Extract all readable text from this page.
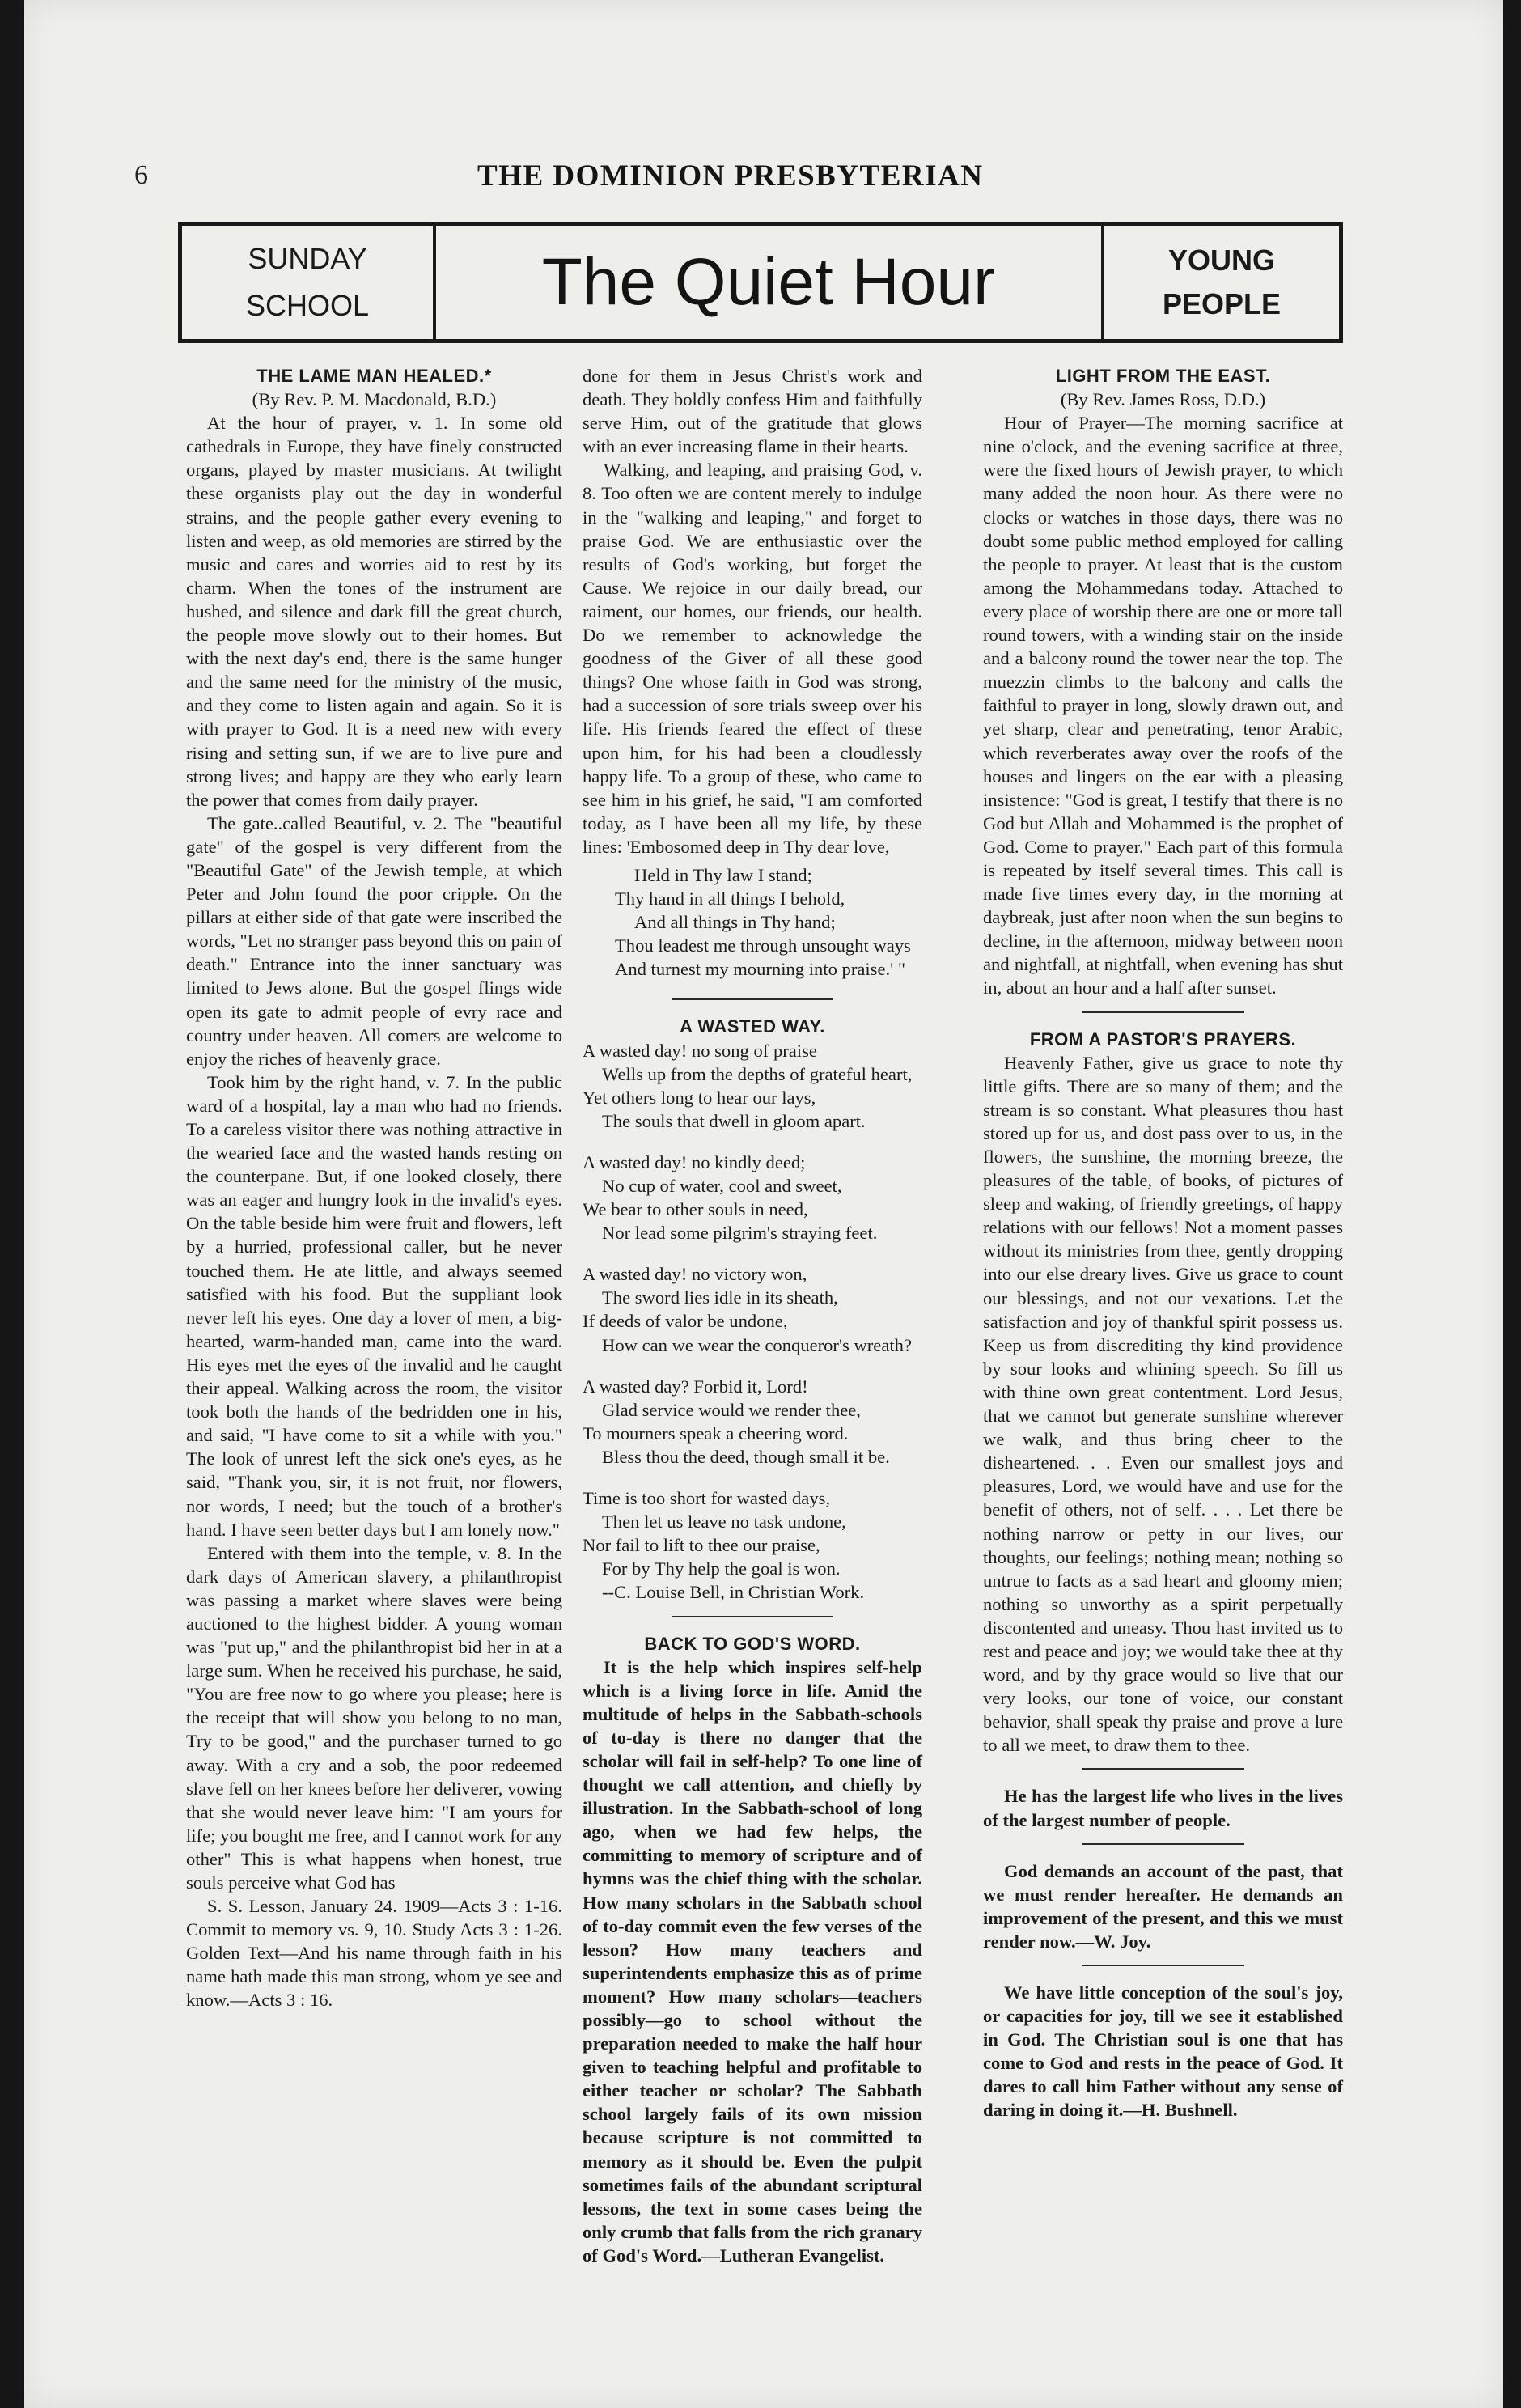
6	THE DOMINION PRESBYTERIAN
SUNDAY
SCHOOL	The Quiet Hour	YOUNG
PEOPLE

THE LAME MAN HEALED.*

(By Rev. P. M. Macdonald, B.D.)

At the hour of prayer, v. 1. In some old cathedrals in Europe, they have finely constructed organs, played by master musicians. At twilight these organists play out the day in wonderful strains, and the people gather every evening to listen and weep, as old memories are stirred by the music and cares and worries aid to rest by its charm. When the tones of the instrument are hushed, and silence and dark fill the great church, the people move slowly out to their homes. But with the next day's end, there is the same hunger and the same need for the ministry of the music, and they come to listen again and again. So it is with prayer to God. It is a need new with every rising and setting sun, if we are to live pure and strong lives; and happy are they who early learn the power that comes from daily prayer.

The gate..called Beautiful, v. 2. The "beautiful gate" of the gospel is very different from the "Beautiful Gate" of the Jewish temple, at which Peter and John found the poor cripple. On the pillars at either side of that gate were inscribed the words, "Let no stranger pass beyond this on pain of death." Entrance into the inner sanctuary was limited to Jews alone. But the gospel flings wide open its gate to admit people of evry race and country under heaven. All comers are welcome to enjoy the riches of heavenly grace.

Took him by the right hand, v. 7. In the public ward of a hospital, lay a man who had no friends. To a careless visitor there was nothing attractive in the wearied face and the wasted hands resting on the counterpane. But, if one looked closely, there was an eager and hungry look in the invalid's eyes. On the table beside him were fruit and flowers, left by a hurried, professional caller, but he never touched them. He ate little, and always seemed satisfied with his food. But the suppliant look never left his eyes. One day a lover of men, a big-hearted, warm-handed man, came into the ward. His eyes met the eyes of the invalid and he caught their appeal. Walking across the room, the visitor took both the hands of the bedridden one in his, and said, "I have come to sit a while with you." The look of unrest left the sick one's eyes, as he said, "Thank you, sir, it is not fruit, nor flowers, nor words, I need; but the touch of a brother's hand. I have seen better days but I am lonely now."

Entered with them into the temple, v. 8. In the dark days of American slavery, a philanthropist was passing a market where slaves were being auctioned to the highest bidder. A young woman was "put up," and the philanthropist bid her in at a large sum. When he received his purchase, he said, "You are free now to go where you please; here is the receipt that will show you belong to no man, Try to be good," and the purchaser turned to go away. With a cry and a sob, the poor redeemed slave fell on her knees before her deliverer, vowing that she would never leave him: "I am yours for life; you bought me free, and I cannot work for any other" This is what happens when honest, true souls perceive what God has

S. S. Lesson, January 24. 1909—Acts 3 : 1-16. Commit to memory vs. 9, 10. Study Acts 3 : 1-26. Golden Text—And his name through faith in his name hath made this man strong, whom ye see and know.—Acts 3 : 16.

done for them in Jesus Christ's work and death. They boldly confess Him and faithfully serve Him, out of the gratitude that glows with an ever increasing flame in their hearts.

Walking, and leaping, and praising God, v. 8. Too often we are content merely to indulge in the "walking and leaping," and forget to praise God. We are enthusiastic over the results of God's working, but forget the Cause. We rejoice in our daily bread, our raiment, our homes, our friends, our health. Do we remember to acknowledge the goodness of the Giver of all these good things? One whose faith in God was strong, had a succession of sore trials sweep over his life. His friends feared the effect of these upon him, for his had been a cloudlessly happy life. To a group of these, who came to see him in his grief, he said, "I am comforted today, as I have been all my life, by these lines: 'Embosomed deep in Thy dear love,

Held in Thy law I stand;
Thy hand in all things I behold,
And all things in Thy hand;
Thou leadest me through unsought ways
And turnest my mourning into praise.' "

A WASTED WAY.

A wasted day! no song of praise
Wells up from the depths of grateful heart,
Yet others long to hear our lays,
The souls that dwell in gloom apart.
A wasted day! no kindly deed;
No cup of water, cool and sweet,
We bear to other souls in need,
Nor lead some pilgrim's straying feet.
A wasted day! no victory won,
The sword lies idle in its sheath,
If deeds of valor be undone,
How can we wear the conqueror's wreath?
A wasted day? Forbid it, Lord!
Glad service would we render thee,
To mourners speak a cheering word.
Bless thou the deed, though small it be.
Time is too short for wasted days,
Then let us leave no task undone,
Nor fail to lift to thee our praise,
For by Thy help the goal is won.
--C. Louise Bell, in Christian Work.

BACK TO GOD'S WORD.

It is the help which inspires self-help which is a living force in life. Amid the multitude of helps in the Sabbath-schools of to-day is there no danger that the scholar will fail in self-help? To one line of thought we call attention, and chiefly by illustration. In the Sabbath-school of long ago, when we had few helps, the committing to memory of scripture and of hymns was the chief thing with the scholar. How many scholars in the Sabbath school of to-day commit even the few verses of the lesson? How many teachers and superintendents emphasize this as of prime moment? How many scholars—teachers possibly—go to school without the preparation needed to make the half hour given to teaching helpful and profitable to either teacher or scholar? The Sabbath school largely fails of its own mission because scripture is not committed to memory as it should be. Even the pulpit sometimes fails of the abundant scriptural lessons, the text in some cases being the only crumb that falls from the rich granary of God's Word.—Lutheran Evangelist.

LIGHT FROM THE EAST.

(By Rev. James Ross, D.D.)

Hour of Prayer—The morning sacrifice at nine o'clock, and the evening sacrifice at three, were the fixed hours of Jewish prayer, to which many added the noon hour. As there were no clocks or watches in those days, there was no doubt some public method employed for calling the people to prayer. At least that is the custom among the Mohammedans today. Attached to every place of worship there are one or more tall round towers, with a winding stair on the inside and a balcony round the tower near the top. The muezzin climbs to the balcony and calls the faithful to prayer in long, slowly drawn out, and yet sharp, clear and penetrating, tenor Arabic, which reverberates away over the roofs of the houses and lingers on the ear with a pleasing insistence: "God is great, I testify that there is no God but Allah and Mohammed is the prophet of God. Come to prayer." Each part of this formula is repeated by itself several times. This call is made five times every day, in the morning at daybreak, just after noon when the sun begins to decline, in the afternoon, midway between noon and nightfall, at nightfall, when evening has shut in, about an hour and a half after sunset.

FROM A PASTOR'S PRAYERS.

Heavenly Father, give us grace to note thy little gifts. There are so many of them; and the stream is so constant. What pleasures thou hast stored up for us, and dost pass over to us, in the flowers, the sunshine, the morning breeze, the pleasures of the table, of books, of pictures of sleep and waking, of friendly greetings, of happy relations with our fellows! Not a moment passes without its ministries from thee, gently dropping into our else dreary lives. Give us grace to count our blessings, and not our vexations. Let the satisfaction and joy of thankful spirit possess us. Keep us from discrediting thy kind providence by sour looks and whining speech. So fill us with thine own great contentment. Lord Jesus, that we cannot but generate sunshine wherever we walk, and thus bring cheer to the disheartened. . . Even our smallest joys and pleasures, Lord, we would have and use for the benefit of others, not of self. . . . Let there be nothing narrow or petty in our lives, our thoughts, our feelings; nothing mean; nothing so untrue to facts as a sad heart and gloomy mien; nothing so unworthy as a spirit perpetually discontented and uneasy. Thou hast invited us to rest and peace and joy; we would take thee at thy word, and by thy grace would so live that our very looks, our tone of voice, our constant behavior, shall speak thy praise and prove a lure to all we meet, to draw them to thee.

He has the largest life who lives in the lives of the largest number of people.

God demands an account of the past, that we must render hereafter. He demands an improvement of the present, and this we must render now.—W. Joy.

We have little conception of the soul's joy, or capacities for joy, till we see it established in God. The Christian soul is one that has come to God and rests in the peace of God. It dares to call him Father without any sense of daring in doing it.—H. Bushnell.
